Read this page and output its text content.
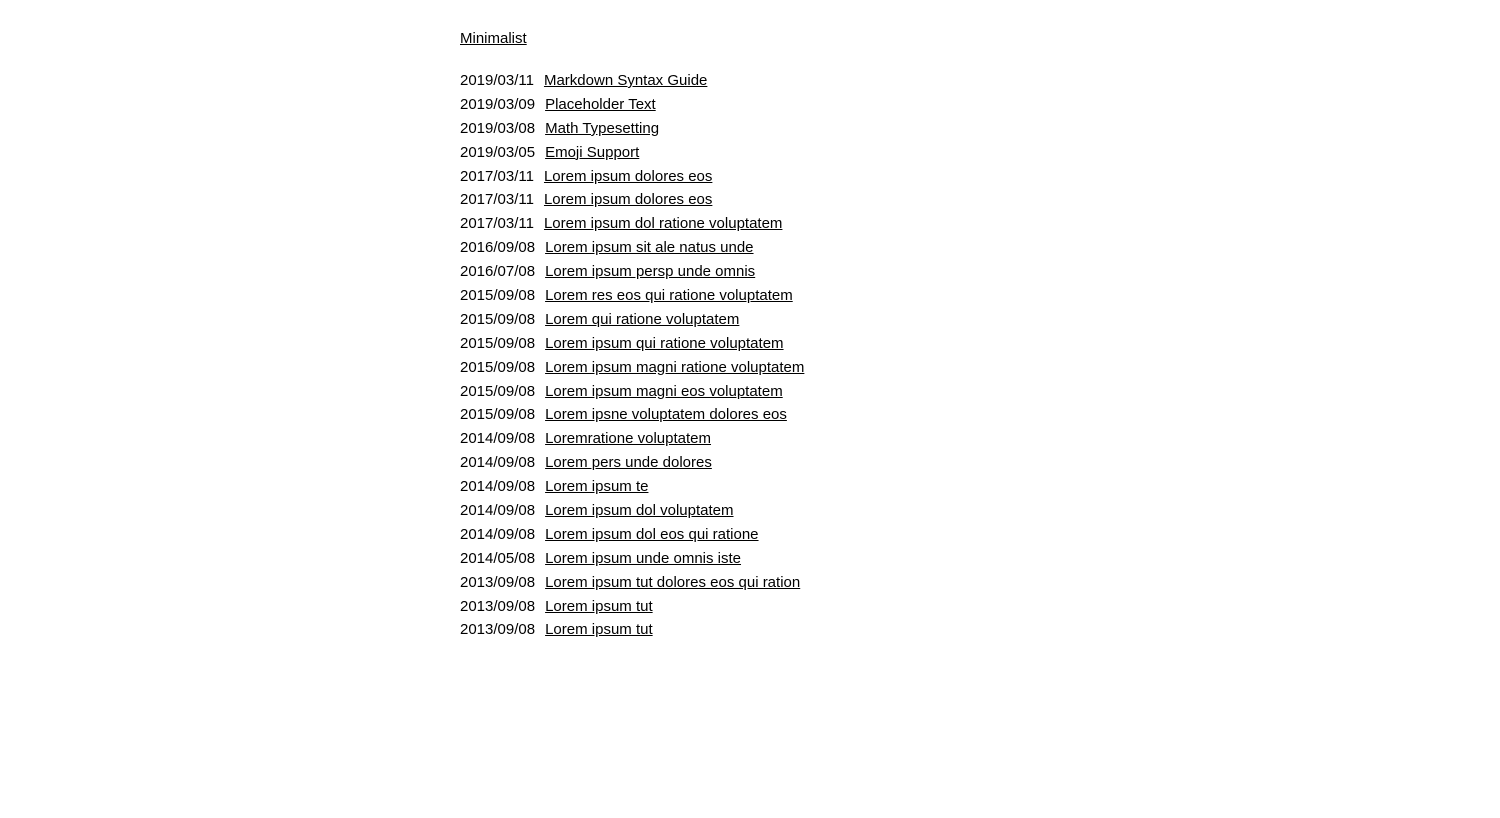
Minimalist
2019/03/11 Markdown Syntax Guide
2019/03/09 Placeholder Text
2019/03/08 Math Typesetting
2019/03/05 Emoji Support
2017/03/11 Lorem ipsum dolores eos
2017/03/11 Lorem ipsum dolores eos
2017/03/11 Lorem ipsum dol ratione voluptatem
2016/09/08 Lorem ipsum sit ale natus unde
2016/07/08 Lorem ipsum persp unde omnis
2015/09/08 Lorem res eos qui ratione voluptatem
2015/09/08 Lorem qui ratione voluptatem
2015/09/08 Lorem ipsum qui ratione voluptatem
2015/09/08 Lorem ipsum magni ratione voluptatem
2015/09/08 Lorem ipsum magni eos voluptatem
2015/09/08 Lorem ipsne voluptatem dolores eos
2014/09/08 Loremratione voluptatem
2014/09/08 Lorem pers unde dolores
2014/09/08 Lorem ipsum te
2014/09/08 Lorem ipsum dol voluptatem
2014/09/08 Lorem ipsum dol eos qui ratione
2014/05/08 Lorem ipsum unde omnis iste
2013/09/08 Lorem ipsum tut dolores eos qui ration
2013/09/08 Lorem ipsum tut
2013/09/08 Lorem ipsum tut
